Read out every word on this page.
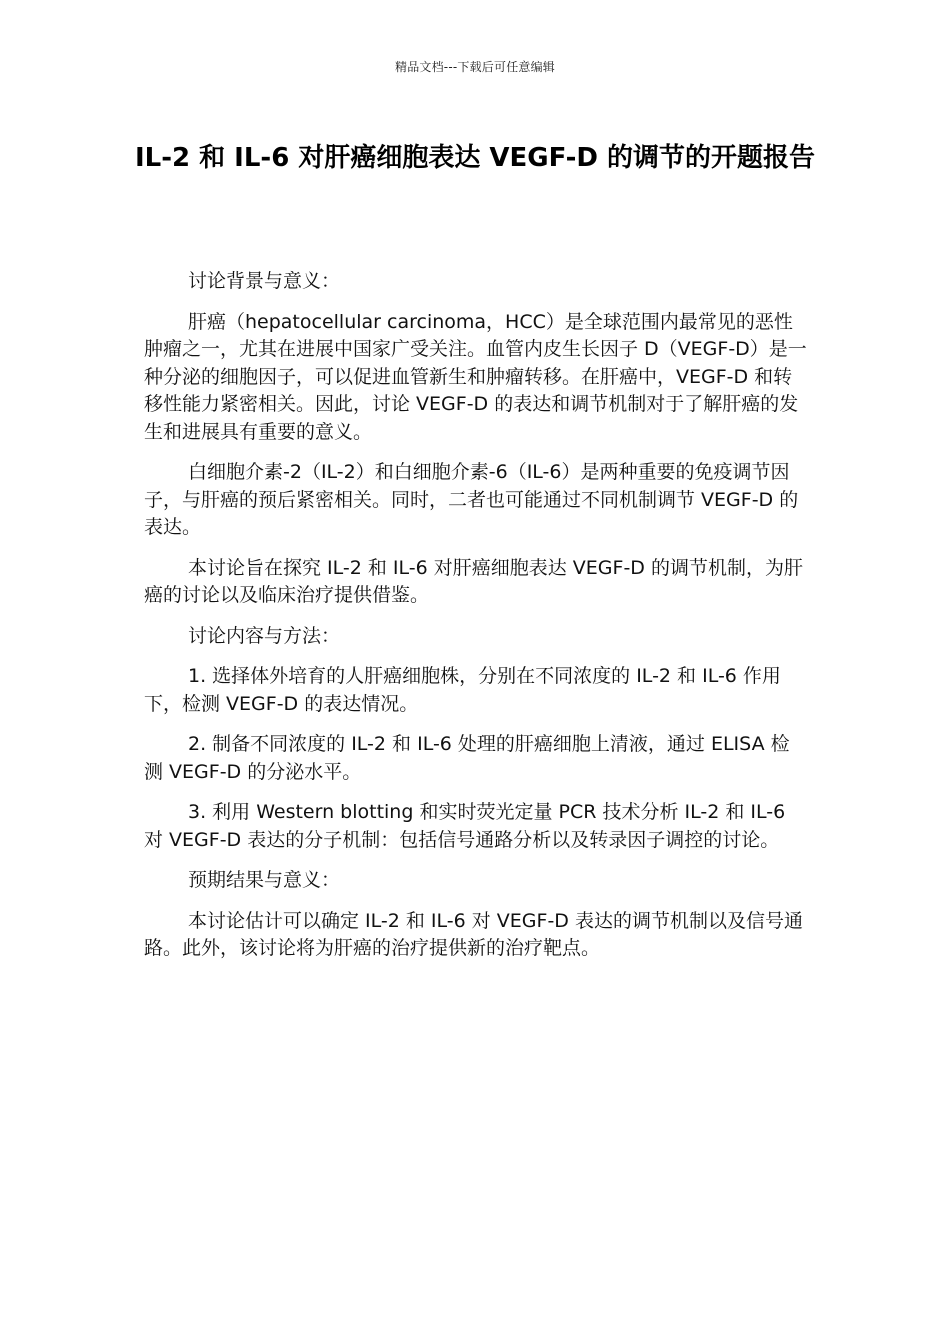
精品文档---下载后可任意编辑
IL-2 和 IL-6 对肝癌细胞表达 VEGF-D 的调节的开题报告

讨论背景与意义：

肝癌（hepatocellular carcinoma，HCC）是全球范围内最常见的恶性肿瘤之一，尤其在进展中国家广受关注。血管内皮生长因子 D（VEGF-D）是一种分泌的细胞因子，可以促进血管新生和肿瘤转移。在肝癌中，VEGF-D 和转移性能力紧密相关。因此，讨论 VEGF-D 的表达和调节机制对于了解肝癌的发生和进展具有重要的意义。

白细胞介素-2（IL-2）和白细胞介素-6（IL-6）是两种重要的免疫调节因子，与肝癌的预后紧密相关。同时，二者也可能通过不同机制调节 VEGF-D 的表达。

本讨论旨在探究 IL-2 和 IL-6 对肝癌细胞表达 VEGF-D 的调节机制，为肝癌的讨论以及临床治疗提供借鉴。

讨论内容与方法：

1. 选择体外培育的人肝癌细胞株，分别在不同浓度的 IL-2 和 IL-6 作用下，检测 VEGF-D 的表达情况。

2. 制备不同浓度的 IL-2 和 IL-6 处理的肝癌细胞上清液，通过 ELISA 检测 VEGF-D 的分泌水平。

3. 利用 Western blotting 和实时荧光定量 PCR 技术分析 IL-2 和 IL-6 对 VEGF-D 表达的分子机制：包括信号通路分析以及转录因子调控的讨论。

预期结果与意义：

本讨论估计可以确定 IL-2 和 IL-6 对 VEGF-D 表达的调节机制以及信号通路。此外，该讨论将为肝癌的治疗提供新的治疗靶点。
